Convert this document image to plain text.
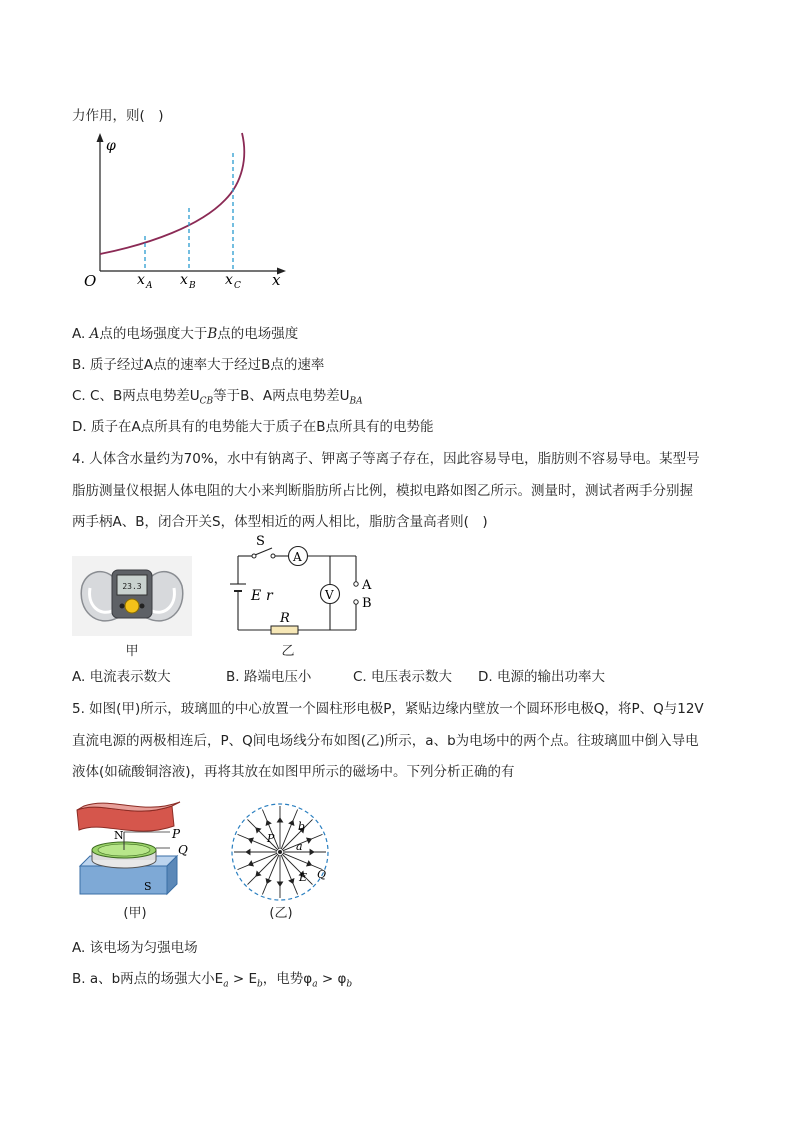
力作用，则(　)
φ
x
O	x A x B x C
A. A点的电场强度大于B点的电场强度
B. 质子经过A点的速率大于经过B点的速率
C. C、B两点电势差$U_{CB}$等于B、A两点电势差$U_{BA}$
D. 质子在A点所具有的电势能大于质子在B点所具有的电势能
4. 人体含水量约为70%，水中有钠离子、钾离子等离子存在，因此容易导电，脂肪则不容易导电。某型号
脂肪测量仪根据人体电阻的大小来判断脂肪所占比例，模拟电路如图乙所示。测量时，测试者两手分别握
两手柄A、B，闭合开关S，体型相近的两人相比，脂肪含量高者则(　)
23.3
甲
S
A
V
E r
R
A
B
乙
A. 电流表示数大	B. 路端电压小	C. 电压表示数大 D. 电源的输出功率大
5. 如图(甲)所示，玻璃皿的中心放置一个圆柱形电极P，紧贴边缘内壁放一个圆环形电极Q，将P、Q与12V
直流电源的两极相连后，P、Q间电场线分布如图(乙)所示，a、b为电场中的两个点。往玻璃皿中倒入导电
液体(如硫酸铜溶液)，再将其放在如图甲所示的磁场中。下列分析正确的有
N
S
P
Q
(甲)
P
a
b
E Q
(乙)
A. 该电场为匀强电场
B. a、b两点的场强大小$E_a > E_b$，电势$\varphi_a > \varphi_b$
